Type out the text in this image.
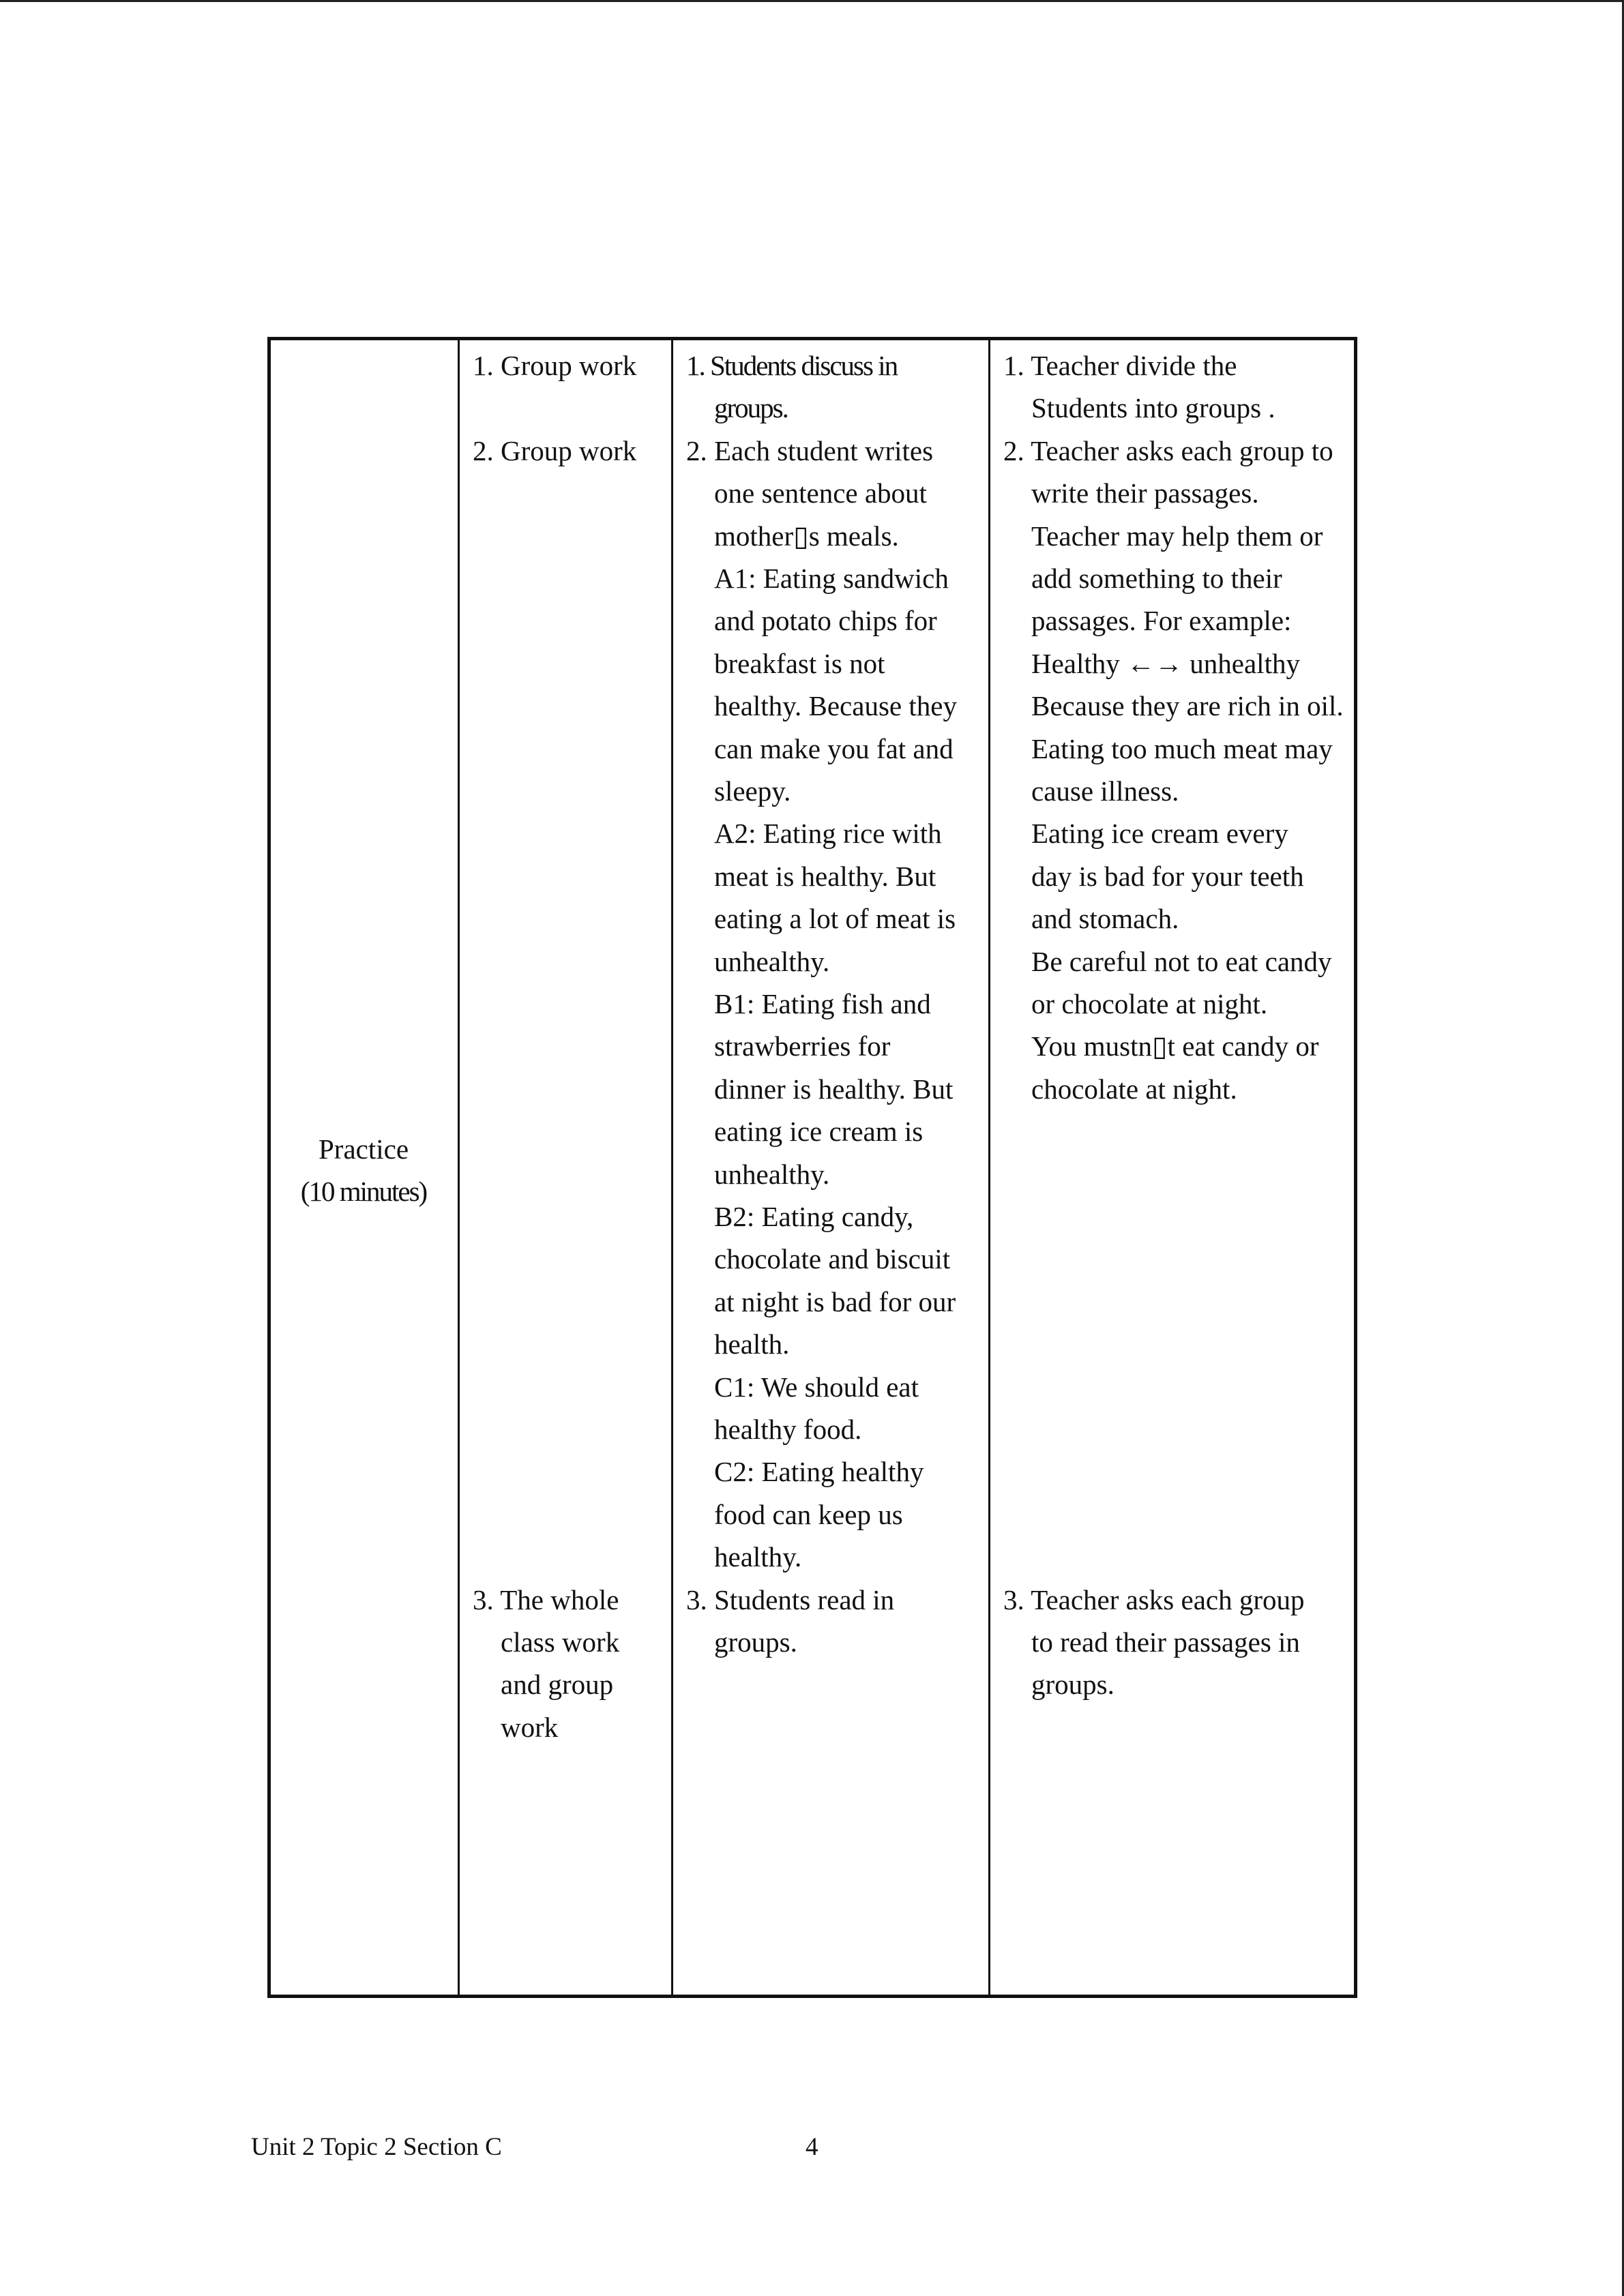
Practice
(10 minutes)
1. Group work
2. Group work
3. The whole
class work
and group
work
1. Students discuss in
groups.
2. Each student writes
one sentence about
mother▯s meals.
A1: Eating sandwich
and potato chips for
breakfast is not
healthy. Because they
can make you fat and
sleepy.
A2: Eating rice with
meat is healthy. But
eating a lot of meat is
unhealthy.
B1: Eating fish and
strawberries for
dinner is healthy. But
eating ice cream is
unhealthy.
B2: Eating candy,
chocolate and biscuit
at night is bad for our
health.
C1: We should eat
healthy food.
C2: Eating healthy
food can keep us
healthy.
3. Students read in
groups.
1. Teacher divide the
Students into groups .
2. Teacher asks each group to
write their passages.
Teacher may help them or
add something to their
passages. For example:
Healthy ←→ unhealthy
Because they are rich in oil.
Eating too much meat may
cause illness.
Eating ice cream every
day is bad for your teeth
and stomach.
Be careful not to eat candy
or chocolate at night.
You mustn▯t eat candy or
chocolate at night.
3. Teacher asks each group
to read their passages in
groups.
Unit 2 Topic 2 Section C	4
